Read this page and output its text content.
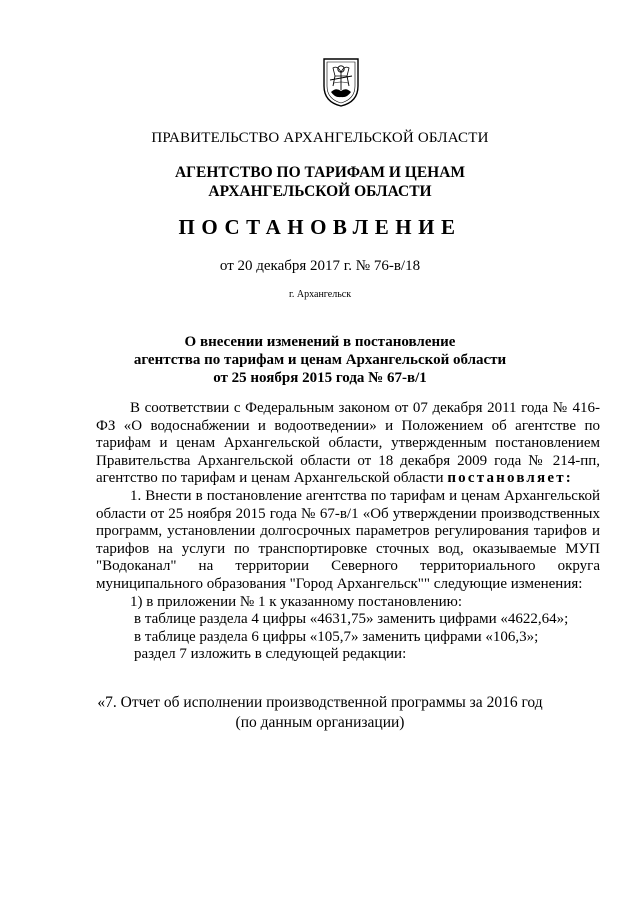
ПРАВИТЕЛЬСТВО АРХАНГЕЛЬСКОЙ ОБЛАСТИ
АГЕНТСТВО ПО ТАРИФАМ И ЦЕНАМ
АРХАНГЕЛЬСКОЙ ОБЛАСТИ
ПОСТАНОВЛЕНИЕ
от 20 декабря 2017 г. № 76-в/18
г. Архангельск
О внесении изменений в постановление
агентства по тарифам и ценам Архангельской области
от 25 ноября 2015 года № 67-в/1

В соответствии с Федеральным законом от 07 декабря 2011 года № 416-ФЗ «О водоснабжении и водоотведении» и Положением об агентстве по тарифам и ценам Архангельской области, утвержденным постановлением Правительства Архангельской области от 18 декабря 2009 года № 214-пп, агентство по тарифам и ценам Архангельской области постановляет:

1. Внести в постановление агентства по тарифам и ценам Архангельской области от 25 ноября 2015 года № 67-в/1 «Об утверждении производственных программ, установлении долгосрочных параметров регулирования тарифов и тарифов на услуги по транспортировке сточных вод, оказываемые МУП "Водоканал" на территории Северного территориального округа муниципального образования "Город Архангельск"" следующие изменения:

1) в приложении № 1 к указанному постановлению:

в таблице раздела 4 цифры «4631,75» заменить цифрами «4622,64»;

в таблице раздела 6 цифры «105,7» заменить цифрами «106,3»;

раздел 7 изложить в следующей редакции:

«7. Отчет об исполнении производственной программы за 2016 год
(по данным организации)
